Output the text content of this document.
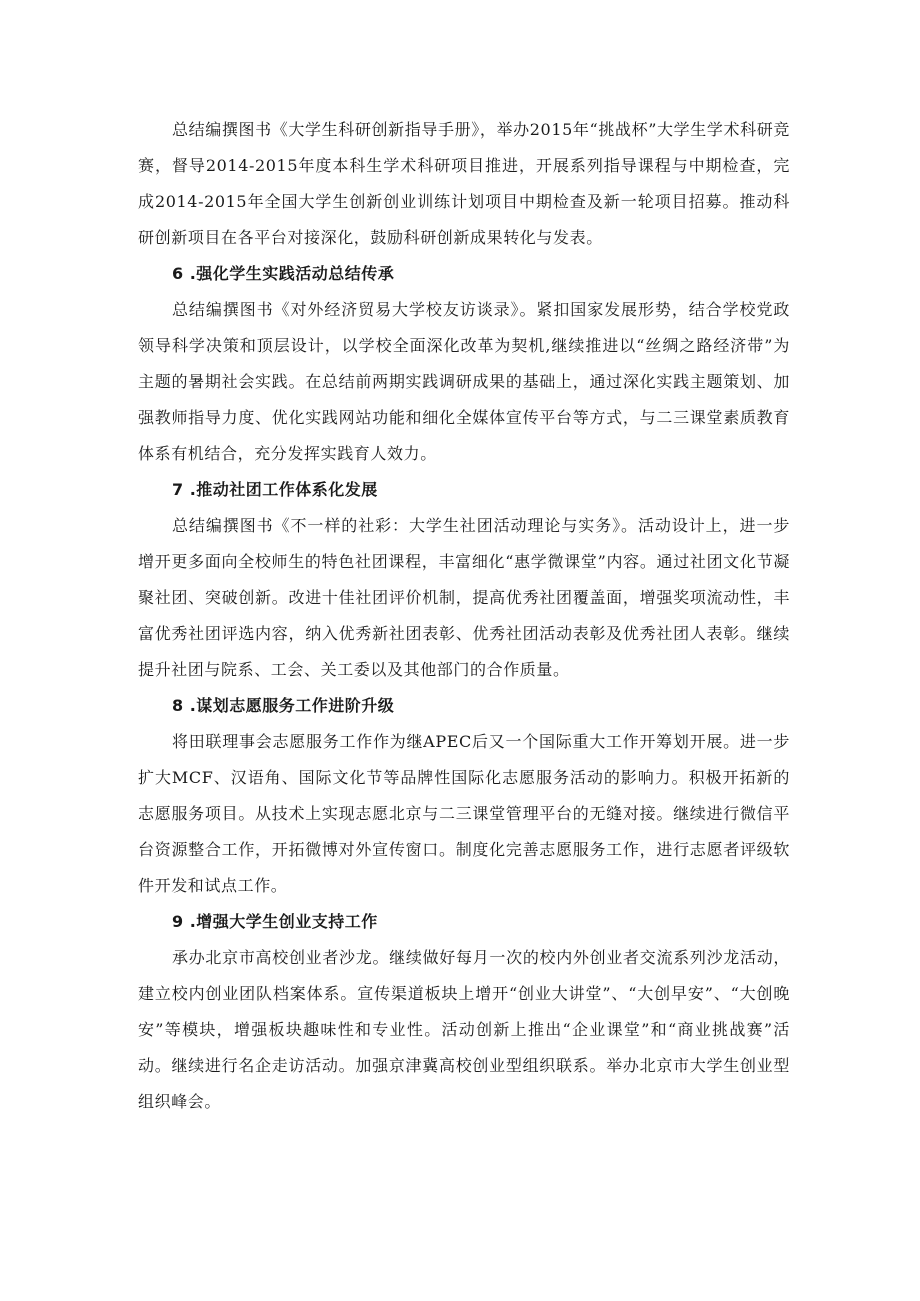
总结编撰图书《大学生科研创新指导手册》，举办2015年“挑战杯”大学生学术科研竞赛，督导2014-2015年度本科生学术科研项目推进，开展系列指导课程与中期检查，完成2014-2015年全国大学生创新创业训练计划项目中期检查及新一轮项目招募。推动科研创新项目在各平台对接深化，鼓励科研创新成果转化与发表。

6 .强化学生实践活动总结传承

总结编撰图书《对外经济贸易大学校友访谈录》。紧扣国家发展形势，结合学校党政领导科学决策和顶层设计，以学校全面深化改革为契机,继续推进以“丝绸之路经济带”为主题的暑期社会实践。在总结前两期实践调研成果的基础上，通过深化实践主题策划、加强教师指导力度、优化实践网站功能和细化全媒体宣传平台等方式，与二三课堂素质教育体系有机结合，充分发挥实践育人效力。

7 .推动社团工作体系化发展

总结编撰图书《不一样的社彩：大学生社团活动理论与实务》。活动设计上，进一步增开更多面向全校师生的特色社团课程，丰富细化“惠学微课堂”内容。通过社团文化节凝聚社团、突破创新。改进十佳社团评价机制，提高优秀社团覆盖面，增强奖项流动性，丰富优秀社团评选内容，纳入优秀新社团表彰、优秀社团活动表彰及优秀社团人表彰。继续提升社团与院系、工会、关工委以及其他部门的合作质量。

8 .谋划志愿服务工作进阶升级

将田联理事会志愿服务工作作为继APEC后又一个国际重大工作开筹划开展。进一步扩大MCF、汉语角、国际文化节等品牌性国际化志愿服务活动的影响力。积极开拓新的志愿服务项目。从技术上实现志愿北京与二三课堂管理平台的无缝对接。继续进行微信平台资源整合工作，开拓微博对外宣传窗口。制度化完善志愿服务工作，进行志愿者评级软件开发和试点工作。

9 .增强大学生创业支持工作

承办北京市高校创业者沙龙。继续做好每月一次的校内外创业者交流系列沙龙活动，建立校内创业团队档案体系。宣传渠道板块上增开“创业大讲堂”、“大创早安”、“大创晚安”等模块，增强板块趣味性和专业性。活动创新上推出“企业课堂”和“商业挑战赛”活动。继续进行名企走访活动。加强京津冀高校创业型组织联系。举办北京市大学生创业型组织峰会。
